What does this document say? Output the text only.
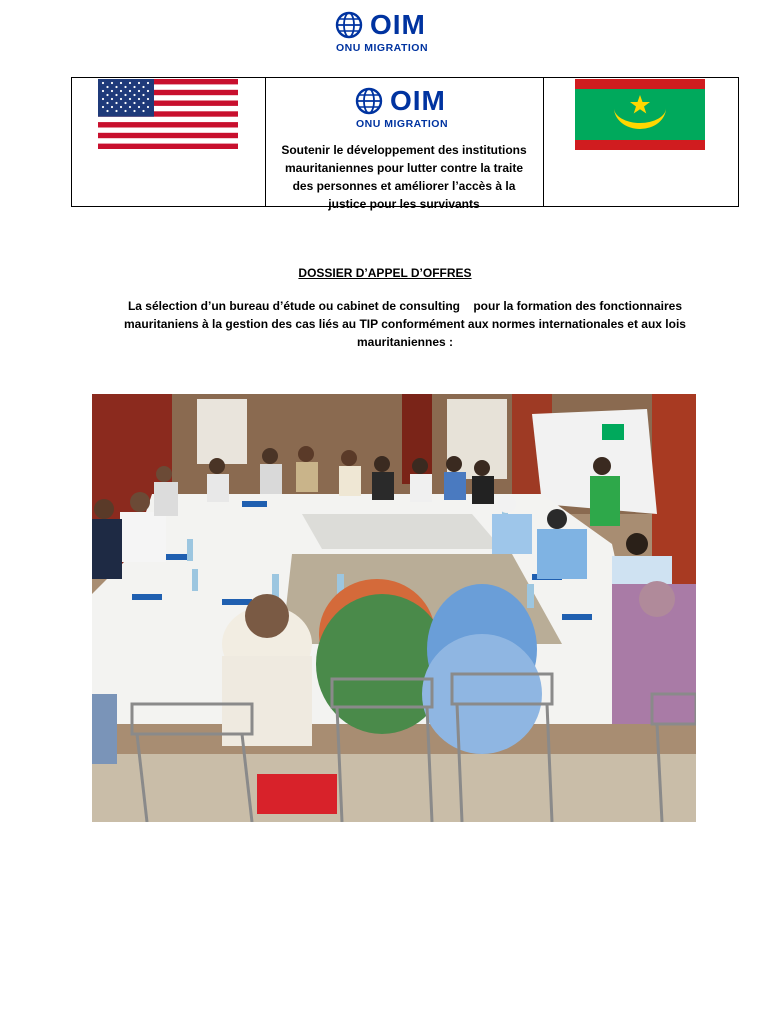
OIM
ONU MIGRATION
Soutenir le développement des institutions mauritaniennes pour lutter contre la traite des personnes et améliorer l’accès à la justice pour les survivants
OIM
ONU MIGRATION
DOSSIER D’APPEL D’OFFRES
La sélection d’un bureau d’étude ou cabinet de consulting    pour la formation des fonctionnaires mauritaniens à la gestion des cas liés au TIP conformément aux normes internationales et aux lois mauritaniennes :
